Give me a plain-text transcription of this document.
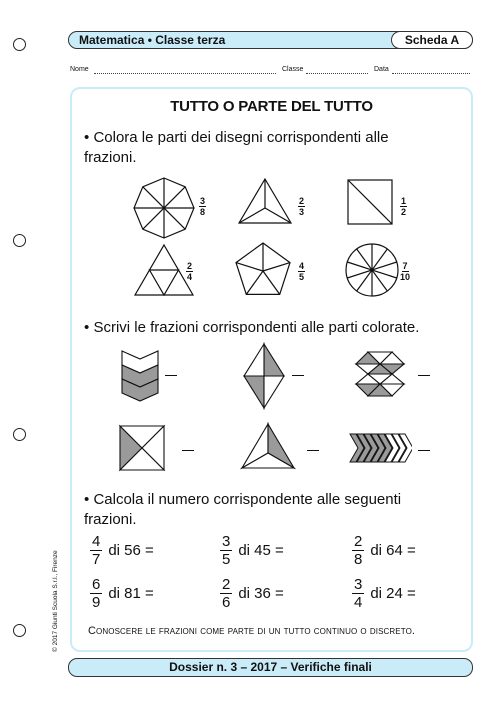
Matematica • Classe terza	Scheda A
Nome	Classe	Data
TUTTO O PARTE DEL TUTTO
• Colora le parti dei disegni corrispondenti alle frazioni.
3
8
2
3
1
2
2
4
4
5
7
10
• Scrivi le frazioni corrispondenti alle parti colorate.
• Calcola il numero corrispondente alle seguenti frazioni.
$\frac{4}{7}$ di 56 =	$\frac{3}{5}$ di 45 =	$\frac{2}{8}$ di 64 =
$\frac{6}{9}$ di 81 =	$\frac{2}{6}$ di 36 =	$\frac{3}{4}$ di 24 =
Conoscere le frazioni come parte di un tutto continuo o discreto.
© 2017 Giunti Scuola S.r.l., Firenze
Dossier n. 3 – 2017 – Verifiche finali
